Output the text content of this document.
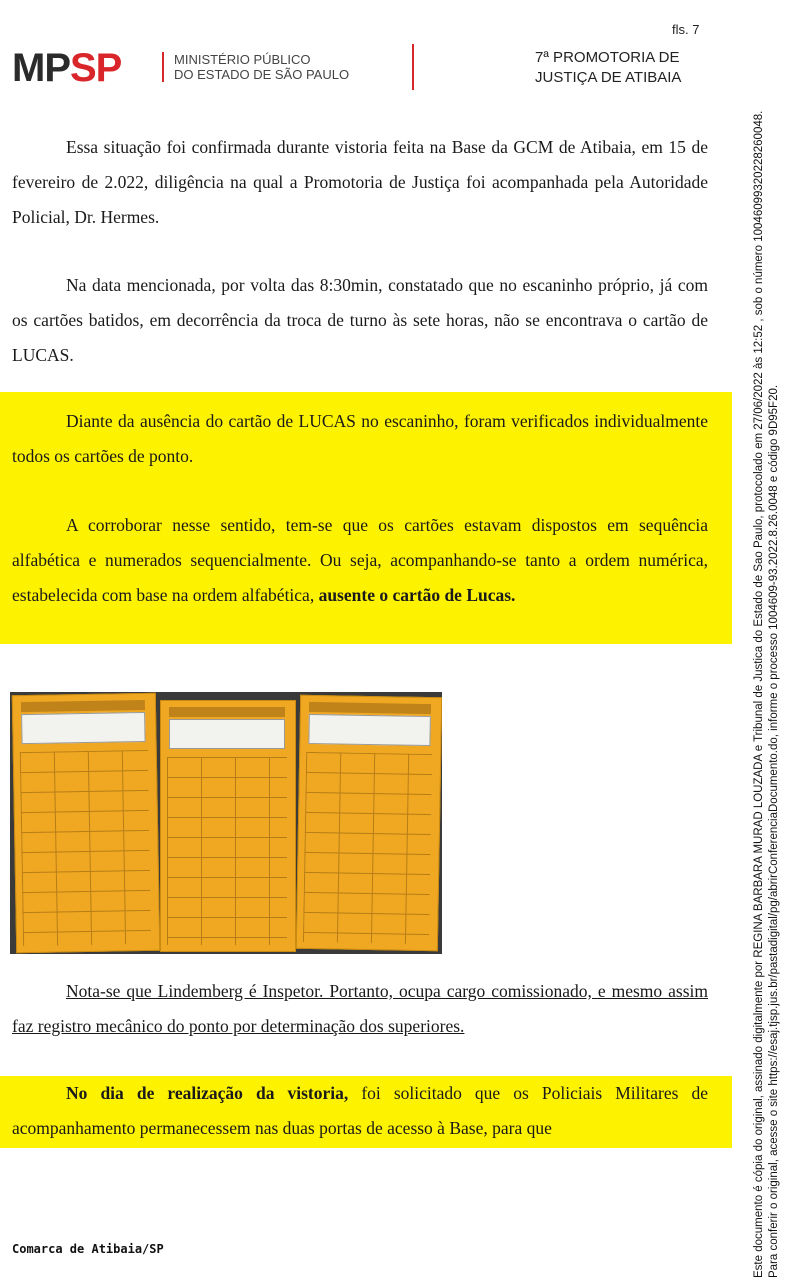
fls. 7
MPSP	MINISTÉRIO PÚBLICO
DO ESTADO DE SÃO PAULO
7ª PROMOTORIA DE
JUSTIÇA DE ATIBAIA

Essa situação foi confirmada durante vistoria feita na Base da GCM de Atibaia, em 15 de fevereiro de 2.022, diligência na qual a Promotoria de Justiça foi acompanhada pela Autoridade Policial, Dr. Hermes.

Na data mencionada, por volta das 8:30min, constatado que no escaninho próprio, já com os cartões batidos, em decorrência da troca de turno às sete horas, não se encontrava o cartão de LUCAS.

Diante da ausência do cartão de LUCAS no escaninho, foram verificados individualmente todos os cartões de ponto.

A corroborar nesse sentido, tem-se que os cartões estavam dispostos em sequência alfabética e numerados sequencialmente. Ou seja, acompanhando-se tanto a ordem numérica, estabelecida com base na ordem alfabética, ausente o cartão de Lucas.

Nota-se que Lindemberg é Inspetor. Portanto, ocupa cargo comissionado, e mesmo assim faz registro mecânico do ponto por determinação dos superiores.

No dia de realização da vistoria, foi solicitado que os Policiais Militares de acompanhamento permanecessem nas duas portas de acesso à Base, para que

Comarca de Atibaia/SP	Este documento é cópia do original, assinado digitalmente por REGINA BARBARA MURAD LOUZADA e Tribunal de Justica do Estado de Sao Paulo, protocolado em 27/06/2022 às 12:52 , sob o número 10046099320228260048. Para conferir o original, acesse o site https://esaj.tjsp.jus.br/pastadigital/pg/abrirConferenciaDocumento.do, informe o processo 1004609-93.2022.8.26.0048 e código 9D95F20.
